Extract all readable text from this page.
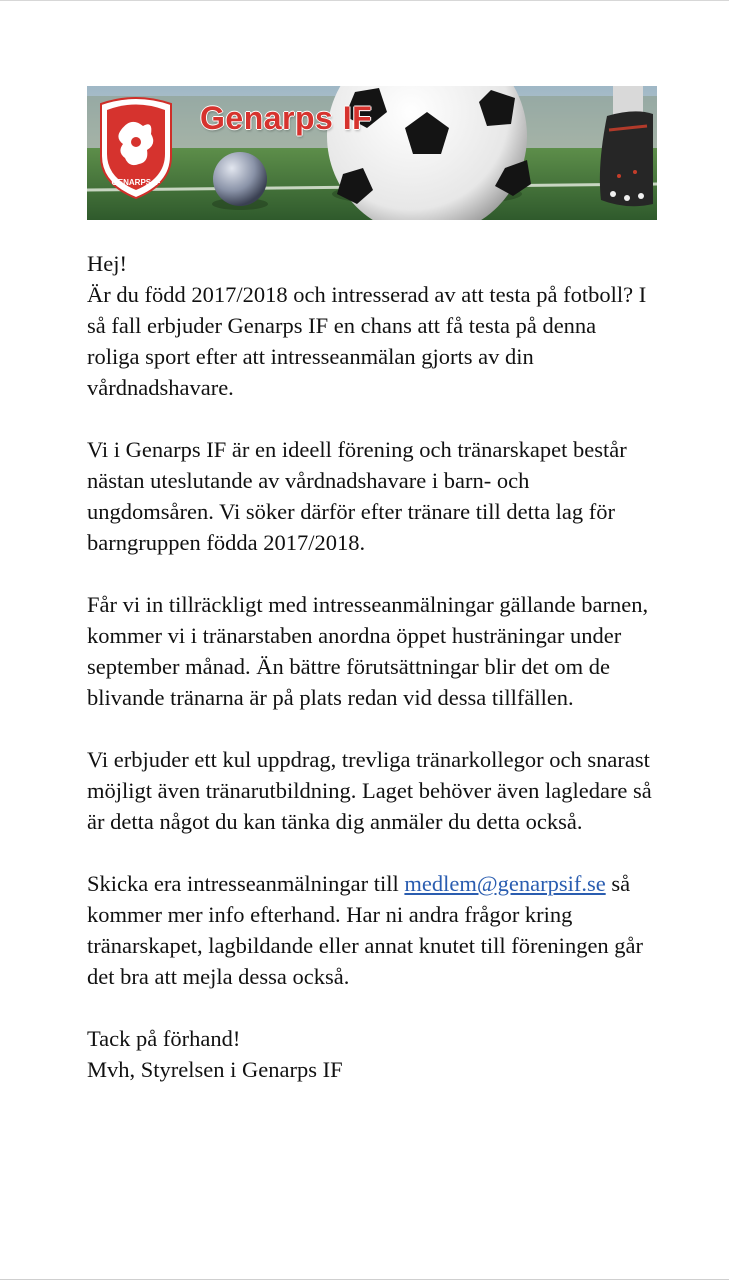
GENARPS IF
Genarps IF

Hej!
Är du född 2017/2018 och intresserad av att testa på fotboll? I så fall erbjuder Genarps IF en chans att få testa på denna roliga sport efter att intresseanmälan gjorts av din vårdnadshavare.

Vi i Genarps IF är en ideell förening och tränarskapet består nästan uteslutande av vårdnadshavare i barn- och ungdomsåren. Vi söker därför efter tränare till detta lag för barngruppen födda 2017/2018.

Får vi in tillräckligt med intresseanmälningar gällande barnen, kommer vi i tränarstaben anordna öppet husträningar under september månad. Än bättre förutsättningar blir det om de blivande tränarna är på plats redan vid dessa tillfällen.

Vi erbjuder ett kul uppdrag, trevliga tränarkollegor och snarast möjligt även tränarutbildning. Laget behöver även lagledare så är detta något du kan tänka dig anmäler du detta också.

Skicka era intresseanmälningar till medlem@genarpsif.se så kommer mer info efterhand. Har ni andra frågor kring tränarskapet, lagbildande eller annat knutet till föreningen går det bra att mejla dessa också.

Tack på förhand!
Mvh, Styrelsen i Genarps IF
